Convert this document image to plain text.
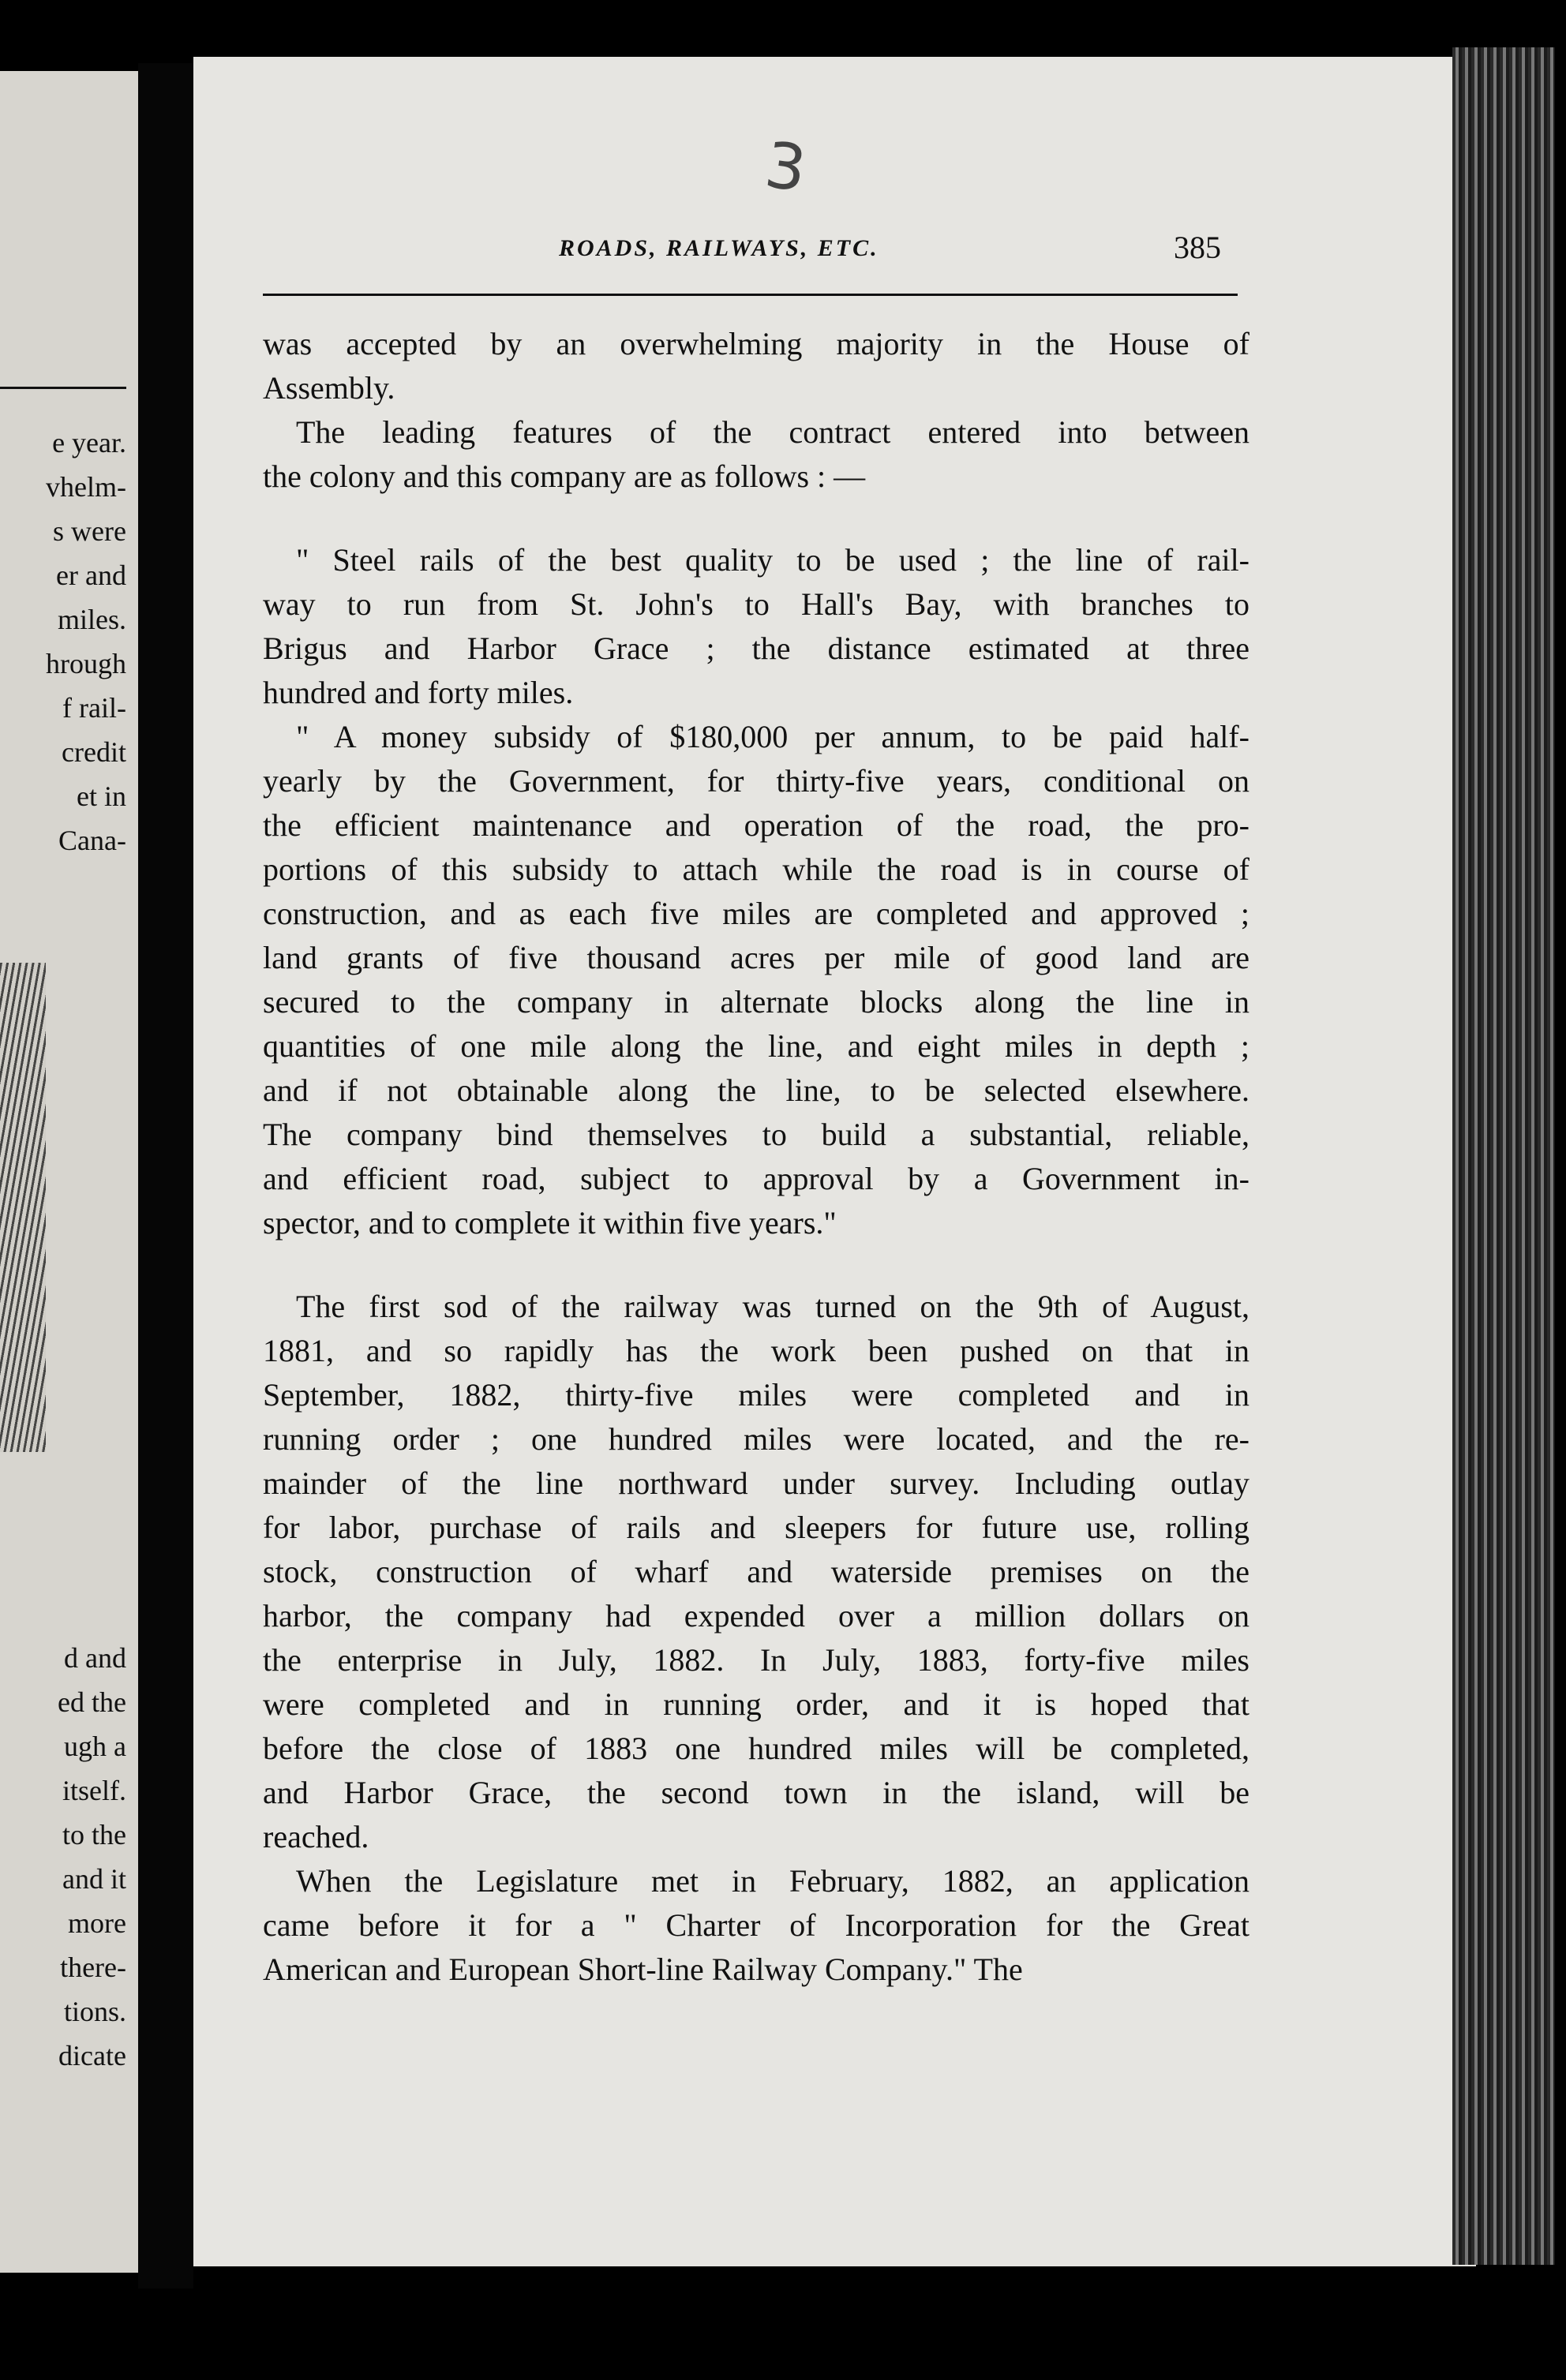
e year.
vhelm-
s were
er and
miles.
hrough
f rail-
credit
et in
Cana-
d and
ed the
ugh a
itself.
to the
and it
more
there-
tions.
dicate
3
ROADS, RAILWAYS, ETC.	385
was accepted by an overwhelming majority in the House of
Assembly.
The leading features of the contract entered into between
the colony and this company are as follows : —
" Steel rails of the best quality to be used ; the line of rail-
way to run from St. John's to Hall's Bay, with branches to
Brigus and Harbor Grace ; the distance estimated at three
hundred and forty miles.
" A money subsidy of $180,000 per annum, to be paid half-
yearly by the Government, for thirty-five years, conditional on
the efficient maintenance and operation of the road, the pro-
portions of this subsidy to attach while the road is in course of
construction, and as each five miles are completed and approved ;
land grants of five thousand acres per mile of good land are
secured to the company in alternate blocks along the line in
quantities of one mile along the line, and eight miles in depth ;
and if not obtainable along the line, to be selected elsewhere.
The company bind themselves to build a substantial, reliable,
and efficient road, subject to approval by a Government in-
spector, and to complete it within five years."
The first sod of the railway was turned on the 9th of August,
1881, and so rapidly has the work been pushed on that in
September, 1882, thirty-five miles were completed and in
running order ; one hundred miles were located, and the re-
mainder of the line northward under survey. Including outlay
for labor, purchase of rails and sleepers for future use, rolling
stock, construction of wharf and waterside premises on the
harbor, the company had expended over a million dollars on
the enterprise in July, 1882. In July, 1883, forty-five miles
were completed and in running order, and it is hoped that
before the close of 1883 one hundred miles will be completed,
and Harbor Grace, the second town in the island, will be
reached.
When the Legislature met in February, 1882, an application
came before it for a " Charter of Incorporation for the Great
American and European Short-line Railway Company." The
